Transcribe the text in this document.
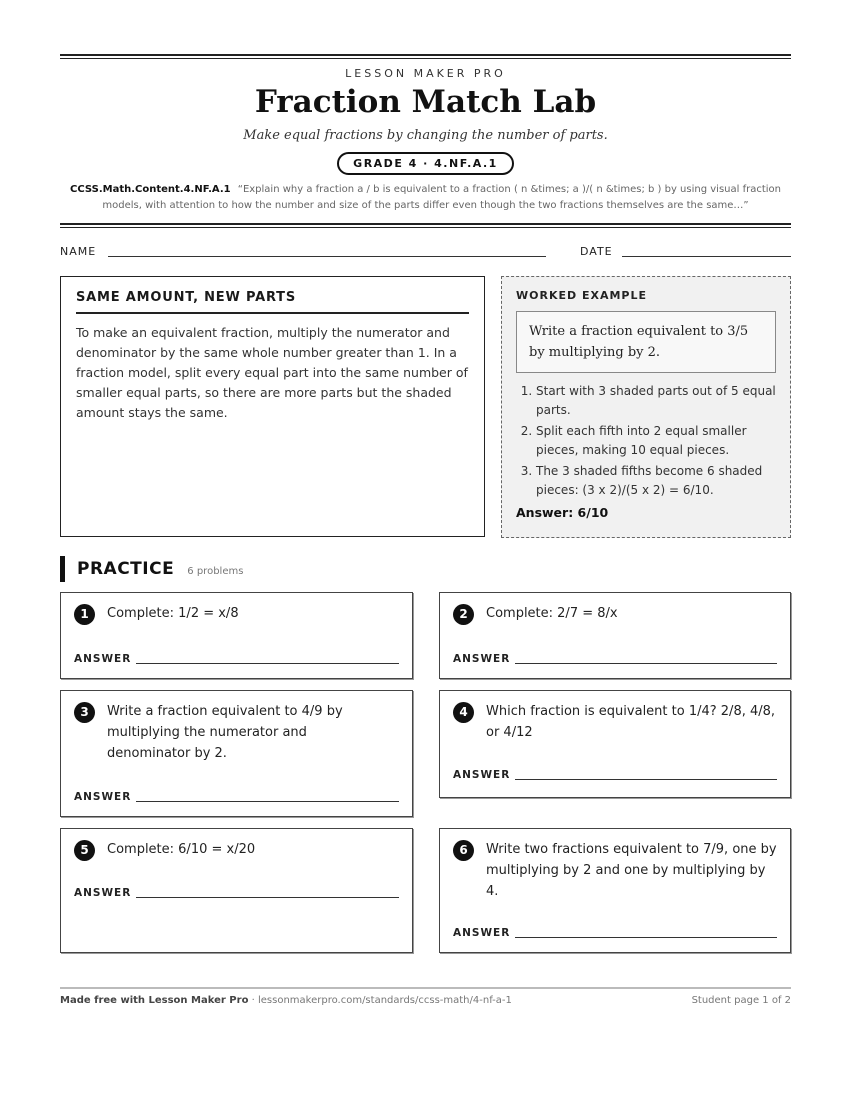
LESSON MAKER PRO
Fraction Match Lab
Make equal fractions by changing the number of parts.
GRADE 4 · 4.NF.A.1
CCSS.Math.Content.4.NF.A.1 “Explain why a fraction a / b is equivalent to a fraction ( n &times; a )/( n &times; b ) by using visual fraction models, with attention to how the number and size of the parts differ even though the two fractions themselves are the same…”
NAME	DATE
SAME AMOUNT, NEW PARTS
To make an equivalent fraction, multiply the numerator and denominator by the same whole number greater than 1. In a fraction model, split every equal part into the same number of smaller equal parts, so there are more parts but the shaded amount stays the same.
WORKED EXAMPLE
Write a fraction equivalent to 3/5 by multiplying by 2.
1. Start with 3 shaded parts out of 5 equal parts.
2. Split each fifth into 2 equal smaller pieces, making 10 equal pieces.
3. The 3 shaded fifths become 6 shaded pieces: (3 x 2)/(5 x 2) = 6/10.
Answer: 6/10
PRACTICE 6 problems
1	Complete: 1/2 = x/8
ANSWER
2	Complete: 2/7 = 8/x
ANSWER
3	Write a fraction equivalent to 4/9 by multiplying the numerator and denominator by 2.
ANSWER
4	Which fraction is equivalent to 1/4? 2/8, 4/8, or 4/12
ANSWER
5	Complete: 6/10 = x/20
ANSWER
6	Write two fractions equivalent to 7/9, one by multiplying by 2 and one by multiplying by 4.
ANSWER
Made free with Lesson Maker Pro · lessonmakerpro.com/standards/ccss-math/4-nf-a-1	Student page 1 of 2
